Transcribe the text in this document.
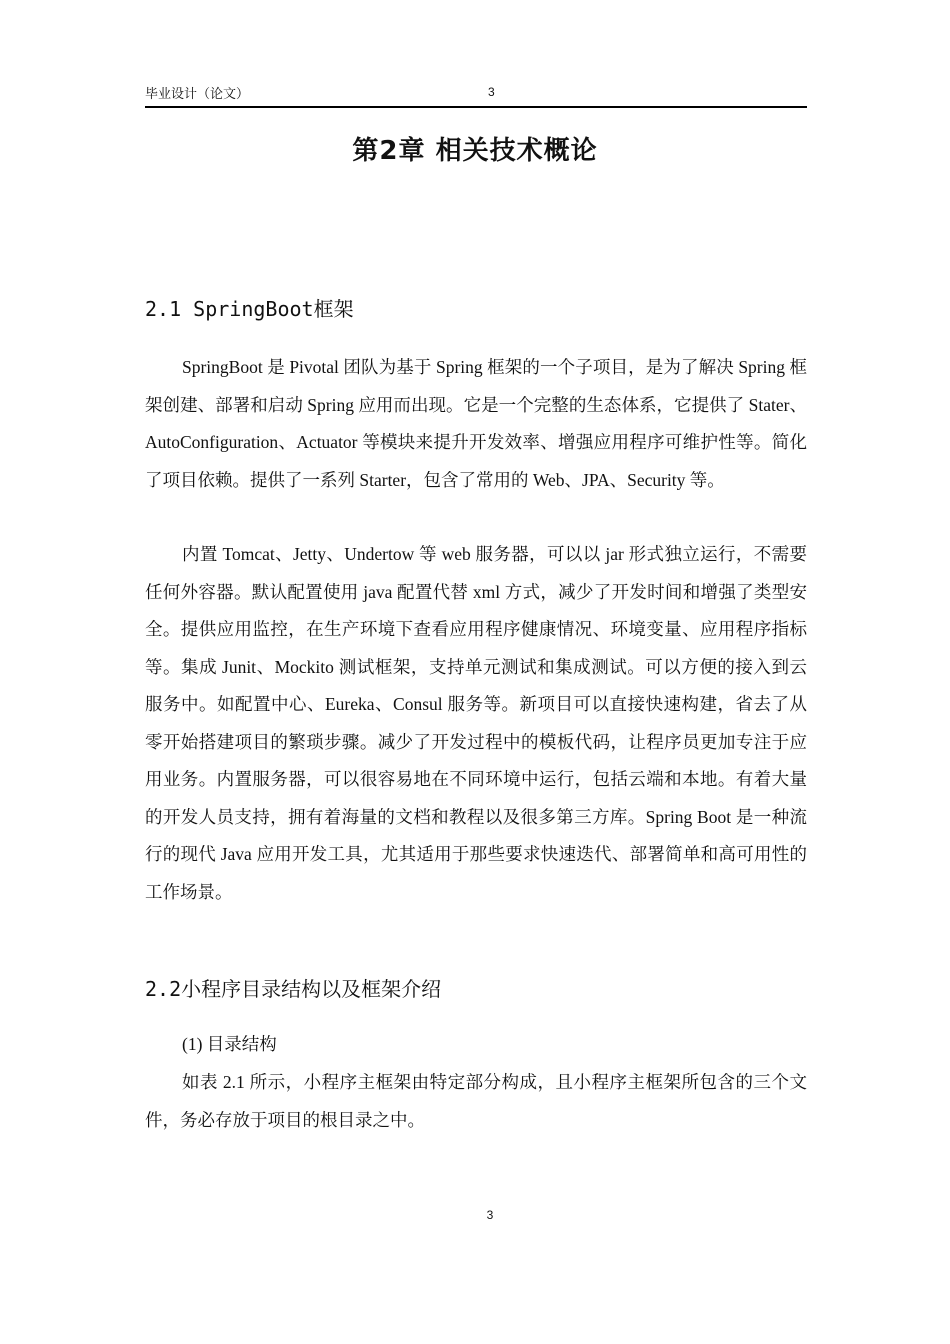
毕业设计（论文）	3
第2章 相关技术概论
2.1 SpringBoot框架

SpringBoot 是 Pivotal 团队为基于 Spring 框架的一个子项目，是为了解决 Spring 框架创建、部署和启动 Spring 应用而出现。它是一个完整的生态体系，它提供了 Stater、AutoConfiguration、Actuator 等模块来提升开发效率、增强应用程序可维护性等。简化了项目依赖。提供了一系列 Starter，包含了常用的 Web、JPA、Security 等。

内置 Tomcat、Jetty、Undertow 等 web 服务器，可以以 jar 形式独立运行，不需要任何外容器。默认配置使用 java 配置代替 xml 方式，减少了开发时间和增强了类型安全。提供应用监控，在生产环境下查看应用程序健康情况、环境变量、应用程序指标等。集成 Junit、Mockito 测试框架，支持单元测试和集成测试。可以方便的接入到云服务中。如配置中心、Eureka、Consul 服务等。新项目可以直接快速构建，省去了从零开始搭建项目的繁琐步骤。减少了开发过程中的模板代码，让程序员更加专注于应用业务。内置服务器，可以很容易地在不同环境中运行，包括云端和本地。有着大量的开发人员支持，拥有着海量的文档和教程以及很多第三方库。Spring Boot 是一种流行的现代 Java 应用开发工具，尤其适用于那些要求快速迭代、部署简单和高可用性的工作场景。

2.2小程序目录结构以及框架介绍

(1) 目录结构

如表 2.1 所示，小程序主框架由特定部分构成，且小程序主框架所包含的三个文件，务必存放于项目的根目录之中。

3
